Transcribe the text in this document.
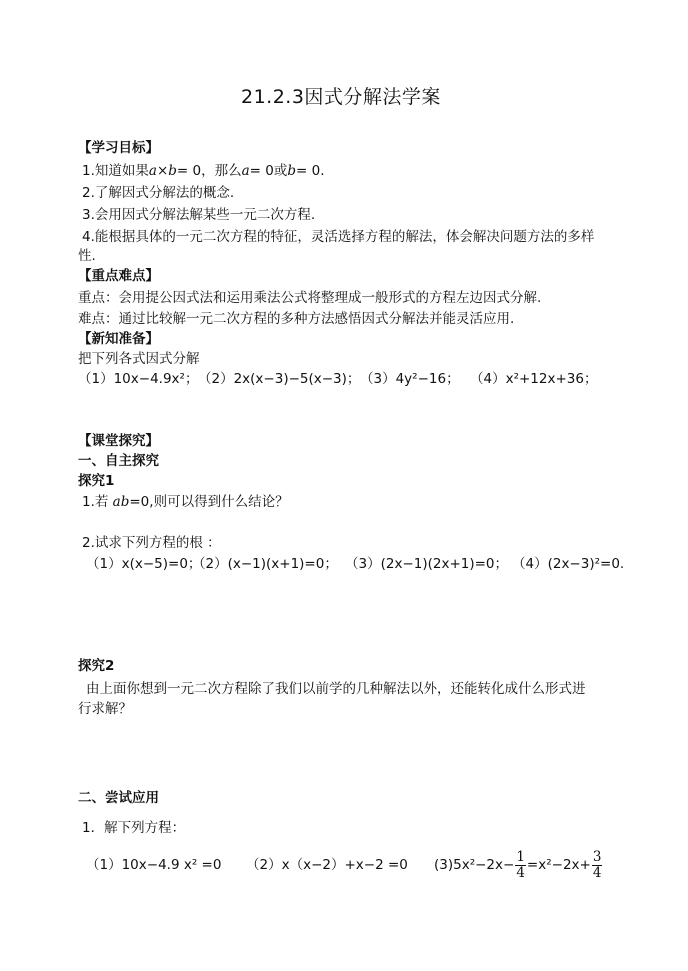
21.2.3因式分解法学案
【学习目标】
1.知道如果a×b= 0，那么a= 0或b= 0.
2.了解因式分解法的概念.
3.会用因式分解法解某些一元二次方程.
4.能根据具体的一元二次方程的特征，灵活选择方程的解法，体会解决问题方法的多样
性.
【重点难点】
重点：会用提公因式法和运用乘法公式将整理成一般形式的方程左边因式分解.
难点：通过比较解一元二次方程的多种方法感悟因式分解法并能灵活应用.
【新知准备】
把下列各式因式分解
（1）10x−4.9x²； （2）2x(x−3)−5(x−3)； （3）4y²−16； （4）x²+12x+36；
【课堂探究】
一、自主探究
探究1
1.若 ab=0,则可以得到什么结论？
2.试求下列方程的根 ：
（1）x(x−5)=0；
（2）(x−1)(x+1)=0； （3）(2x−1)(2x+1)=0； （4）(2x−3)²=0.
探究2
由上面你想到一元二次方程除了我们以前学的几种解法以外，还能转化成什么形式进
行求解？
二、尝试应用
1．解下列方程：
（1）10x−4.9 x² =0 （2）x（x−2）+x−2 =0 $(3)5x^2-2x- \frac{1}{4} =x^2-2x+ \frac{3}{4}$
